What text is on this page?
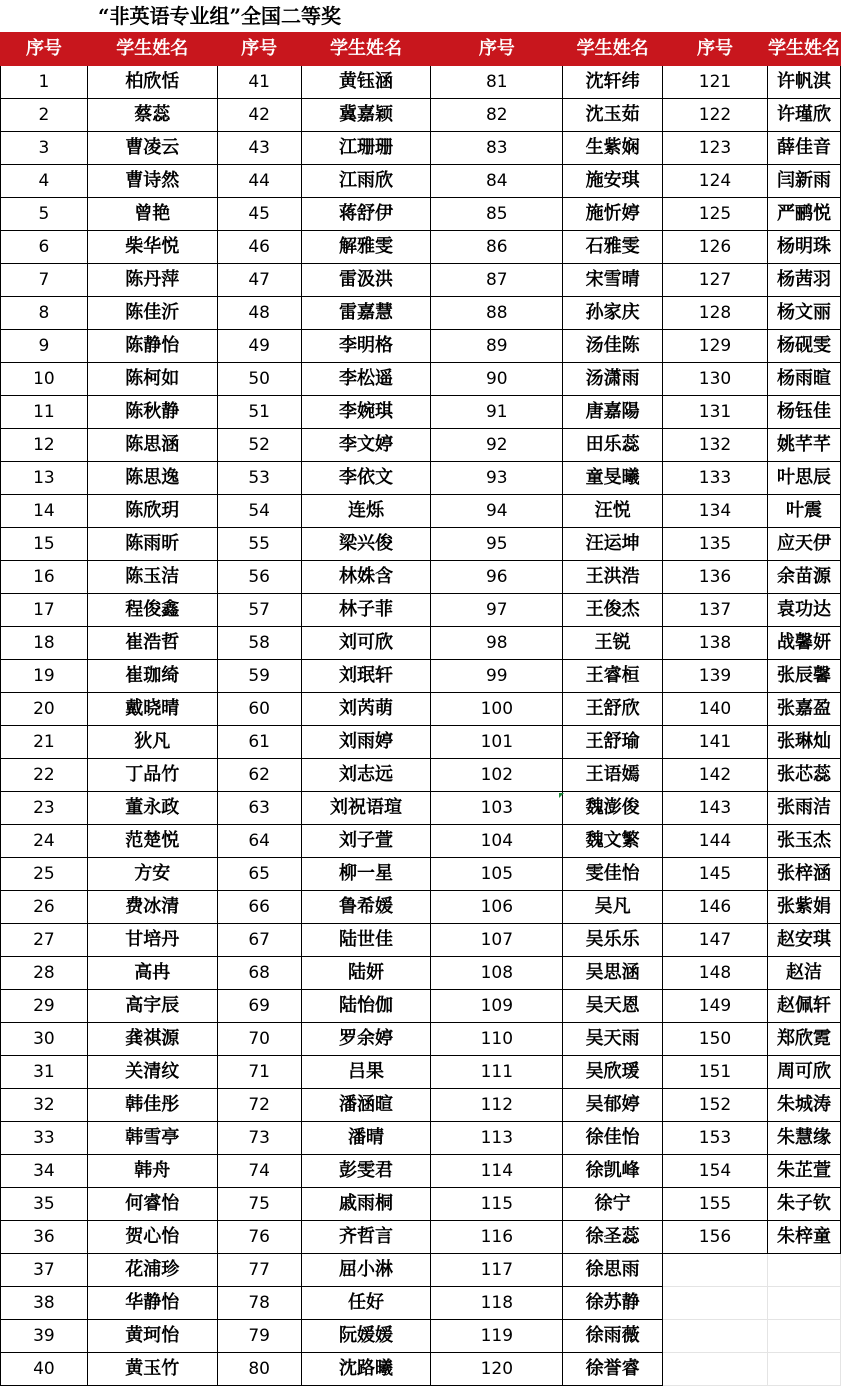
“非英语专业组”全国二等奖
序号	学生姓名	序号	学生姓名	序号	学生姓名	序号	学生姓名
1	柏欣恬	41	黄钰涵	81	沈轩纬	121	许帆淇
2	蔡蕊	42	冀嘉颖	82	沈玉茹	122	许瑾欣
3	曹凌云	43	江珊珊	83	生紫娴	123	薛佳音
4	曹诗然	44	江雨欣	84	施安琪	124	闫新雨
5	曾艳	45	蒋舒伊	85	施忻婷	125	严鹂悦
6	柴华悦	46	解雅雯	86	石雅雯	126	杨明珠
7	陈丹萍	47	雷汲洪	87	宋雪晴	127	杨茜羽
8	陈佳沂	48	雷嘉慧	88	孙家庆	128	杨文丽
9	陈静怡	49	李明格	89	汤佳陈	129	杨砚雯
10	陈柯如	50	李松遥	90	汤潇雨	130	杨雨暄
11	陈秋静	51	李婉琪	91	唐嘉陽	131	杨钰佳
12	陈思涵	52	李文婷	92	田乐蕊	132	姚芊芊
13	陈思逸	53	李依文	93	童旻曦	133	叶思辰
14	陈欣玥	54	连烁	94	汪悦	134	叶震
15	陈雨昕	55	梁兴俊	95	汪运坤	135	应天伊
16	陈玉洁	56	林姝含	96	王洪浩	136	余苗源
17	程俊鑫	57	林子菲	97	王俊杰	137	袁功达
18	崔浩哲	58	刘可欣	98	王锐	138	战馨妍
19	崔珈绮	59	刘珉轩	99	王睿桓	139	张辰馨
20	戴晓晴	60	刘芮萌	100	王舒欣	140	张嘉盈
21	狄凡	61	刘雨婷	101	王舒瑜	141	张琳灿
22	丁品竹	62	刘志远	102	王语嫣	142	张芯蕊
23	董永政	63	刘祝语瑄	103	魏澎俊	143	张雨洁
24	范楚悦	64	刘子萱	104	魏文繁	144	张玉杰
25	方安	65	柳一星	105	雯佳怡	145	张梓涵
26	费冰清	66	鲁希媛	106	吴凡	146	张紫娟
27	甘培丹	67	陆世佳	107	吴乐乐	147	赵安琪
28	高冉	68	陆妍	108	吴思涵	148	赵洁
29	高宇辰	69	陆怡伽	109	吴天恩	149	赵佩轩
30	龚祺源	70	罗余婷	110	吴天雨	150	郑欣霓
31	关清纹	71	吕果	111	吴欣瑗	151	周可欣
32	韩佳彤	72	潘涵暄	112	吴郁婷	152	朱城涛
33	韩雪亭	73	潘晴	113	徐佳怡	153	朱慧缘
34	韩舟	74	彭雯君	114	徐凯峰	154	朱芷萱
35	何睿怡	75	戚雨桐	115	徐宁	155	朱子钦
36	贺心怡	76	齐哲言	116	徐圣蕊	156	朱梓童
37	花浦珍	77	屈小淋	117	徐思雨		
38	华静怡	78	任好	118	徐苏静		
39	黄珂怡	79	阮媛媛	119	徐雨薇		
40	黄玉竹	80	沈路曦	120	徐誉睿		
